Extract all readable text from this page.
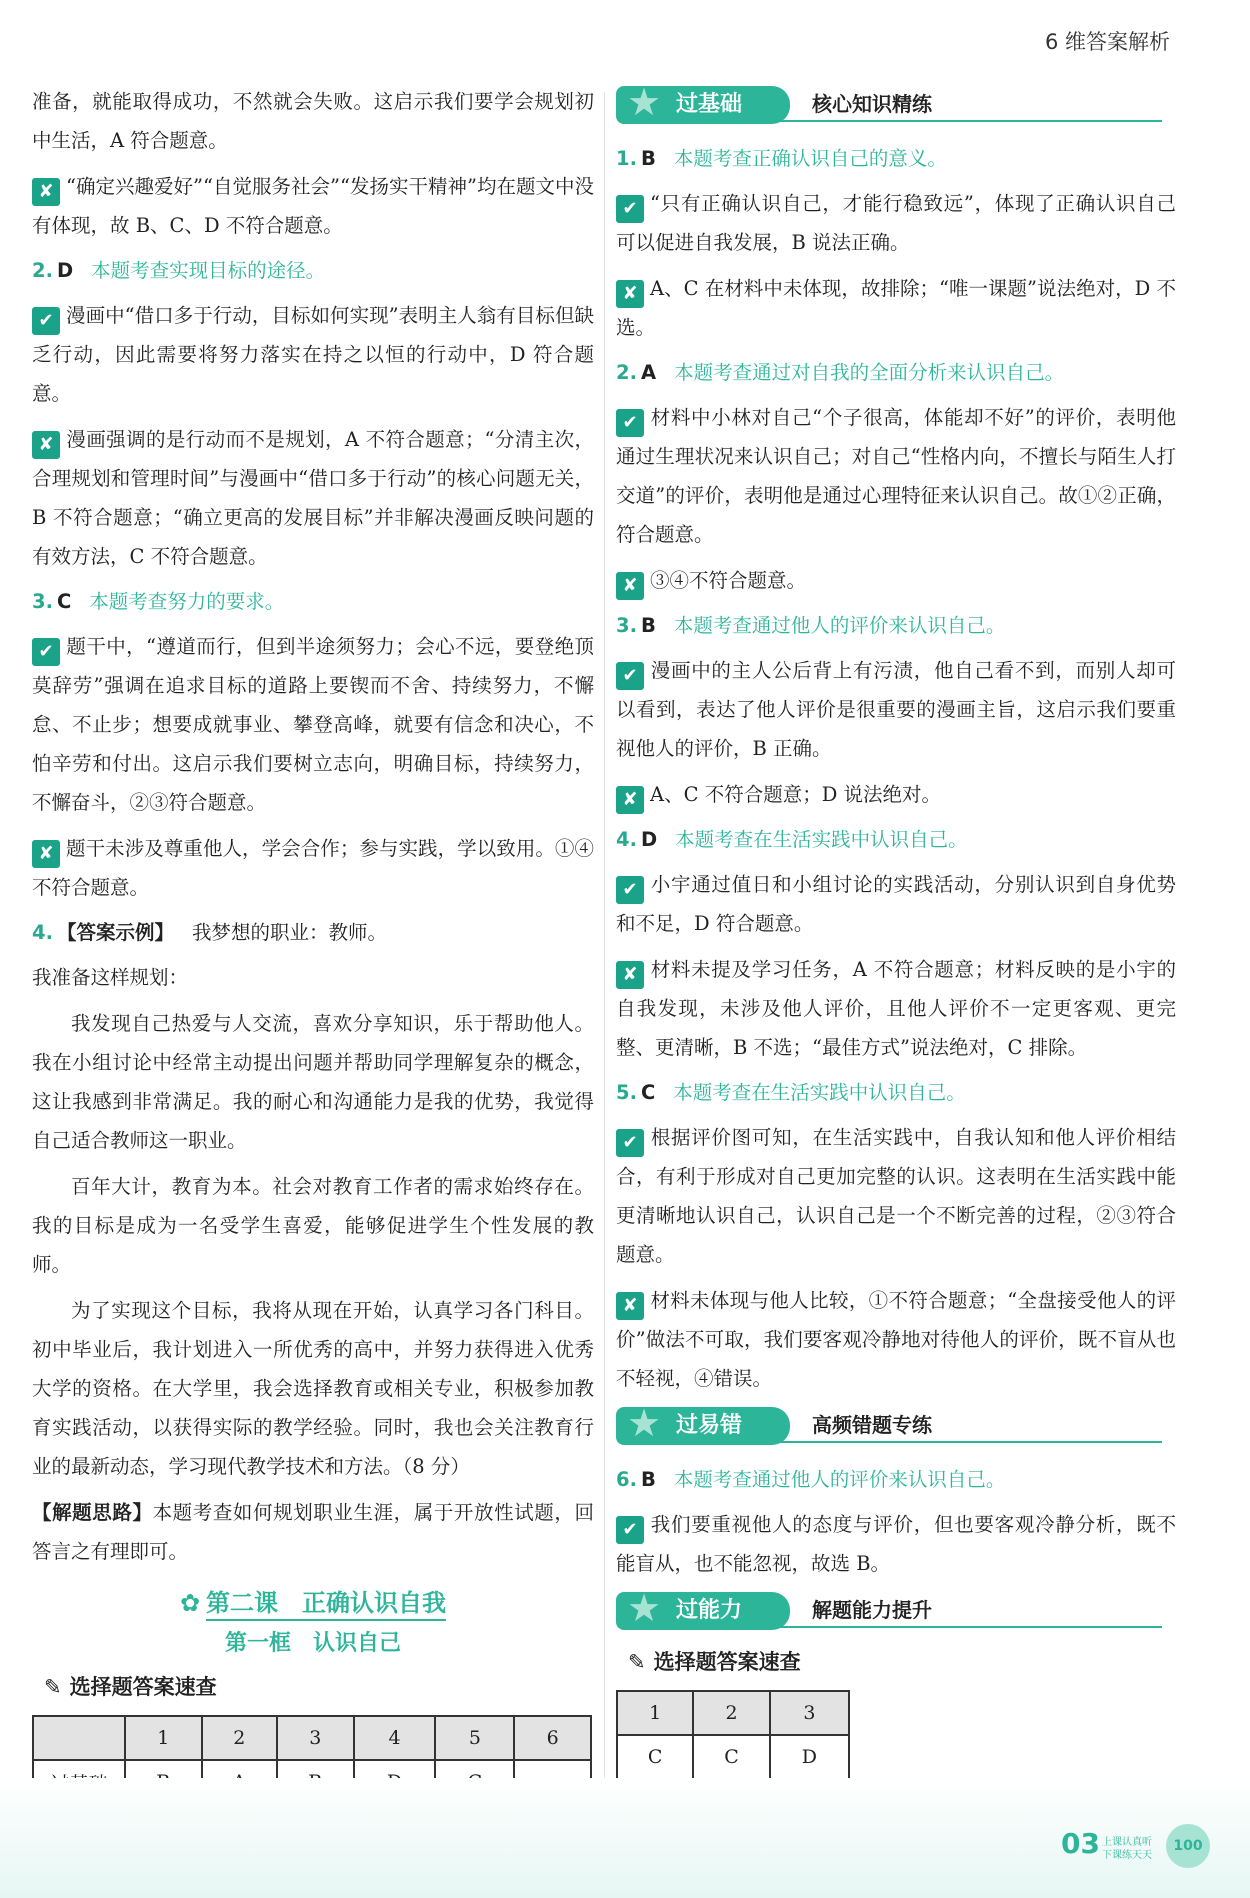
6 维答案解析

准备，就能取得成功，不然就会失败。这启示我们要学会规划初中生活，A 符合题意。

✘ “确定兴趣爱好”“自觉服务社会”“发扬实干精神”均在题文中没有体现，故 B、C、D 不符合题意。

2. D 本题考查实现目标的途径。

✔ 漫画中“借口多于行动，目标如何实现”表明主人翁有目标但缺乏行动，因此需要将努力落实在持之以恒的行动中，D 符合题意。

✘ 漫画强调的是行动而不是规划，A 不符合题意；“分清主次，合理规划和管理时间”与漫画中“借口多于行动”的核心问题无关，B 不符合题意；“确立更高的发展目标”并非解决漫画反映问题的有效方法，C 不符合题意。

3. C 本题考查努力的要求。

✔ 题干中，“遵道而行，但到半途须努力；会心不远，要登绝顶莫辞劳”强调在追求目标的道路上要锲而不舍、持续努力，不懈怠、不止步；想要成就事业、攀登高峰，就要有信念和决心，不怕辛劳和付出。这启示我们要树立志向，明确目标，持续努力，不懈奋斗，②③符合题意。

✘ 题干未涉及尊重他人，学会合作；参与实践，学以致用。①④不符合题意。

4. 【答案示例】 我梦想的职业：教师。

我准备这样规划：

我发现自己热爱与人交流，喜欢分享知识，乐于帮助他人。我在小组讨论中经常主动提出问题并帮助同学理解复杂的概念，这让我感到非常满足。我的耐心和沟通能力是我的优势，我觉得自己适合教师这一职业。

百年大计，教育为本。社会对教育工作者的需求始终存在。我的目标是成为一名受学生喜爱，能够促进学生个性发展的教师。

为了实现这个目标，我将从现在开始，认真学习各门科目。初中毕业后，我计划进入一所优秀的高中，并努力获得进入优秀大学的资格。在大学里，我会选择教育或相关专业，积极参加教育实践活动，以获得实际的教学经验。同时，我也会关注教育行业的最新动态，学习现代教学技术和方法。（8 分）

【解题思路】本题考查如何规划职业生涯，属于开放性试题，回答言之有理即可。

✿ 第二课　正确认识自我
第一框 认识自己
✎ 选择题答案速查
	1	2	3	4	5	6

过基础
★	核心知识精练
1. B 本题考查正确认识自己的意义。

✔ “只有正确认识自己，才能行稳致远”，体现了正确认识自己可以促进自我发展，B 说法正确。

✘ A、C 在材料中未体现，故排除；“唯一课题”说法绝对，D 不选。

2. A 本题考查通过对自我的全面分析来认识自己。

✔ 材料中小林对自己“个子很高，体能却不好”的评价，表明他通过生理状况来认识自己；对自己“性格内向，不擅长与陌生人打交道”的评价，表明他是通过心理特征来认识自己。故①②正确，符合题意。

✘ ③④不符合题意。

3. B 本题考查通过他人的评价来认识自己。

✔ 漫画中的主人公后背上有污渍，他自己看不到，而别人却可以看到，表达了他人评价是很重要的漫画主旨，这启示我们要重视他人的评价，B 正确。

✘ A、C 不符合题意；D 说法绝对。

4. D 本题考查在生活实践中认识自己。

✔ 小宇通过值日和小组讨论的实践活动，分别认识到自身优势和不足，D 符合题意。

✘ 材料未提及学习任务，A 不符合题意；材料反映的是小宇的自我发现，未涉及他人评价，且他人评价不一定更客观、更完整、更清晰，B 不选；“最佳方式”说法绝对，C 排除。

5. C 本题考查在生活实践中认识自己。

✔ 根据评价图可知，在生活实践中，自我认知和他人评价相结合，有利于形成对自己更加完整的认识。这表明在生活实践中能更清晰地认识自己，认识自己是一个不断完善的过程，②③符合题意。

✘ 材料未体现与他人比较，①不符合题意；“全盘接受他人的评价”做法不可取，我们要客观冷静地对待他人的评价，既不盲从也不轻视，④错误。

过易错
★	高频错题专练
6. B 本题考查通过他人的评价来认识自己。

✔ 我们要重视他人的态度与评价，但也要客观冷静分析，既不能盲从，也不能忽视，故选 B。

过能力
★	解题能力提升
✎ 选择题答案速查
1	2	3
C	C	D
03 上课认真听　下课练天天
100
